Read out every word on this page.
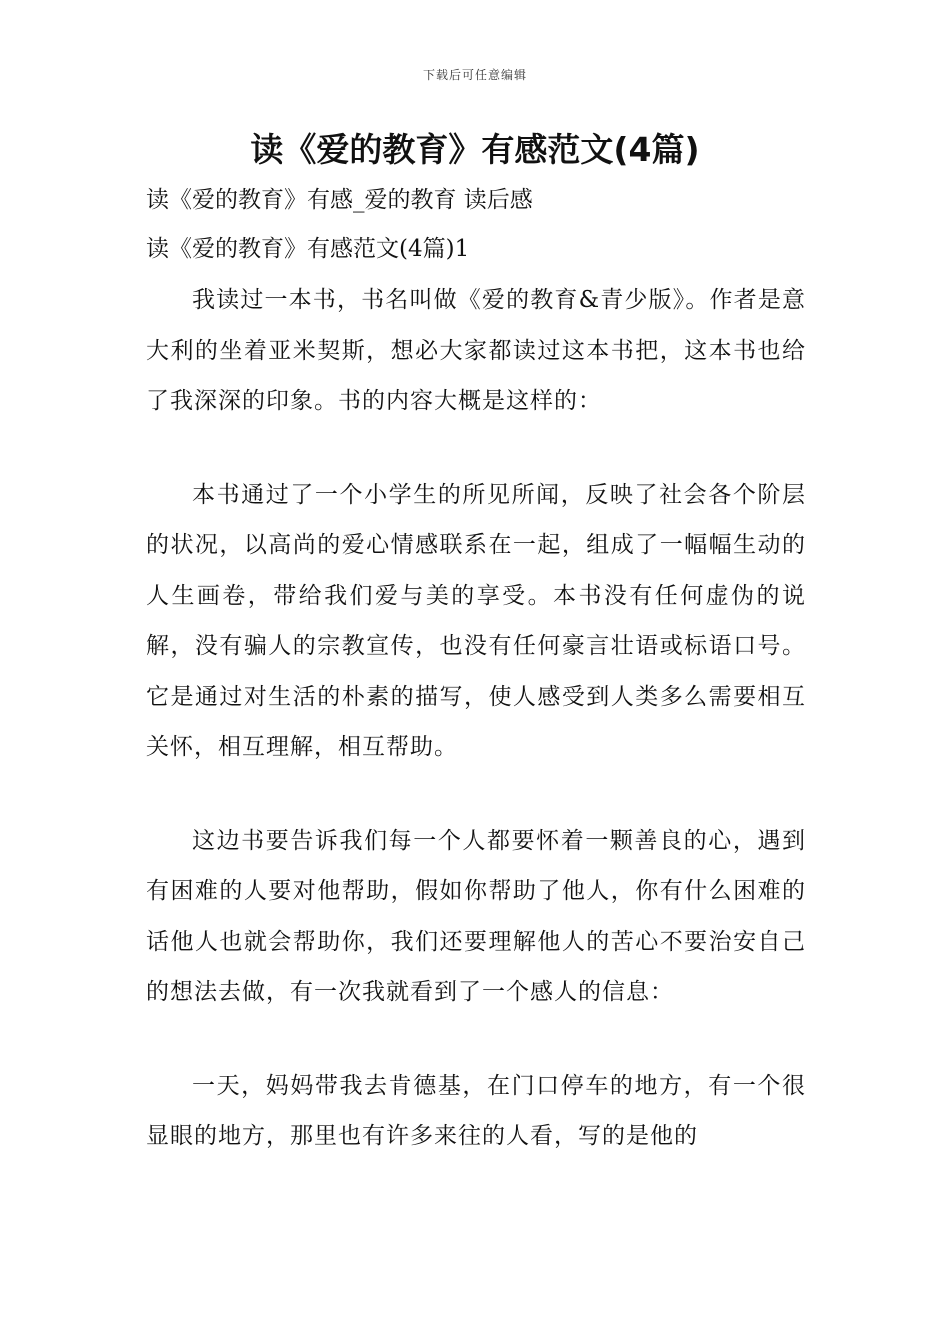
下载后可任意编辑
读《爱的教育》有感范文(4篇)
读《爱的教育》有感_爱的教育 读后感
读《爱的教育》有感范文(4篇)1

我读过一本书，书名叫做《爱的教育&青少版》。作者是意大利的坐着亚米契斯，想必大家都读过这本书把，这本书也给了我深深的印象。书的内容大概是这样的：

本书通过了一个小学生的所见所闻，反映了社会各个阶层的状况，以高尚的爱心情感联系在一起，组成了一幅幅生动的人生画卷，带给我们爱与美的享受。本书没有任何虚伪的说解，没有骗人的宗教宣传，也没有任何豪言壮语或标语口号。它是通过对生活的朴素的描写，使人感受到人类多么需要相互关怀，相互理解，相互帮助。

这边书要告诉我们每一个人都要怀着一颗善良的心，遇到有困难的人要对他帮助，假如你帮助了他人，你有什么困难的话他人也就会帮助你，我们还要理解他人的苦心不要治安自己的想法去做，有一次我就看到了一个感人的信息：

一天，妈妈带我去肯德基，在门口停车的地方，有一个很显眼的地方，那里也有许多来往的人看，写的是他的
